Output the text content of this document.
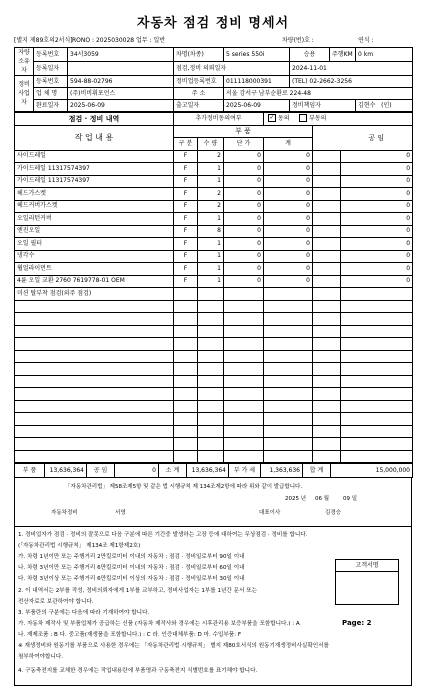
자동차 점검 정비 명세서
[별지 제89호의2서식] RONO : 2025030028 업무 : 일반	차량(번)호 :	연식 :
자량 소유자	등록번호	34서3059	차명(차종)	5 series 550i	승용	주행KM	0 km
	등록일자		점검,정비 의뢰일자		2024-11-01		
정비 사업자	등록번호	594-88-02796	정비업등록번호	011118000391	(TEL) 02-2662-3256		
	업 체 명	(주)비비휘포언스	주 소	서울 강서구 남부순환로 224-48			
	완료일자	2025-06-09	출고일자	2025-06-09	정비책임자		김현수 (인)
점검 · 정비 내역	추가정비동의여부			✓ 동의 부동의		
작 업 내 용	부 품					공 임
	구 분	수 량	단 가	계		
사이드레일	F	2	0	0		0
가이드레일 11317574397	F	1	0	0		0
가이드레일 11317574397	F	1	0	0		0
헤드가스켓	F	2	0	0		0
헤드커버가스켓	F	2	0	0		0
오일리턴커버	F	1	0	0		0
엔진오일	F	8	0	0		0
오일 필터	F	1	0	0		0
냉각수	F	1	0	0		0
휠얼라이먼트	F	1	0	0		0
4륜 오일 교환 2760 7619778-01 OEM	F	1	0	0		0
미션 탈부착 점검(외주 점검)						

부 품	13,636,364	공 임	0	소 계	13,636,364	부 가 세	1,363,636	합 계	15,000,000
「자동차관리법」 제58조제5항 및 같은 법 시행규칙 제 134조제2항에 따라 위와 같이 발급합니다.
2025 년 06 월	09 일
자동차정비	서영	대표이사	김경승
1. 정비업자가 점검 · 정비의 잘못으로 다음 구분에 따른 기간중 발생하는 고장 등에 대하여는 무상점검 · 정비를 합니다.
(「자동차관리법 시행규칙」 제134조 제1항제2호)
가. 차령 1년이만 또는 주행거리 2만킬로미터 이내의 자동차 : 점검 · 정비일로부터 90일 이내
나. 차령 3년이만 또는 주행거리 6만킬로미터 이내의 자동차 : 점검 · 정비일로부터 60일 이내
다. 차령 3년이상 또는 주행거리 6만킬로미터 이상의 자동차 : 점검 · 정비일로부터 30일 이내
2. 이 내역서는 2부를 작성, 정비의뢰자에게 1부를 교부하고, 정비사업자는 1부를 1년간 문서 또는
전산자료로 보관하여야 합니다.
3. 부품란의 구분에는 다음에 따라 기재하여야 합니다.
가. 자동차 제작사 및 부품업체가 공급하는 신품 (자동차 제작사와 경우에는 시후관리용 보증부품을 포함합니다.) : A
나. 재제조품 : B 다. 중고품(재생품을 포함합니다.) : C 라. 인증대체부품: D 마. 수입부품: F
※ 재생정비와 원동기를 부품으로 사용한 경우에는 「자동차관리법 시행규칙」 별지 제80호서식의 원동기재생정비사실확인서를
첨부하여야합니다.
4. 구동축전지를 교체한 경우에는 작업내용란에 부품명과 구동축전지 식별번호를 표기해야 합니다.
고객서명
Page: 2
